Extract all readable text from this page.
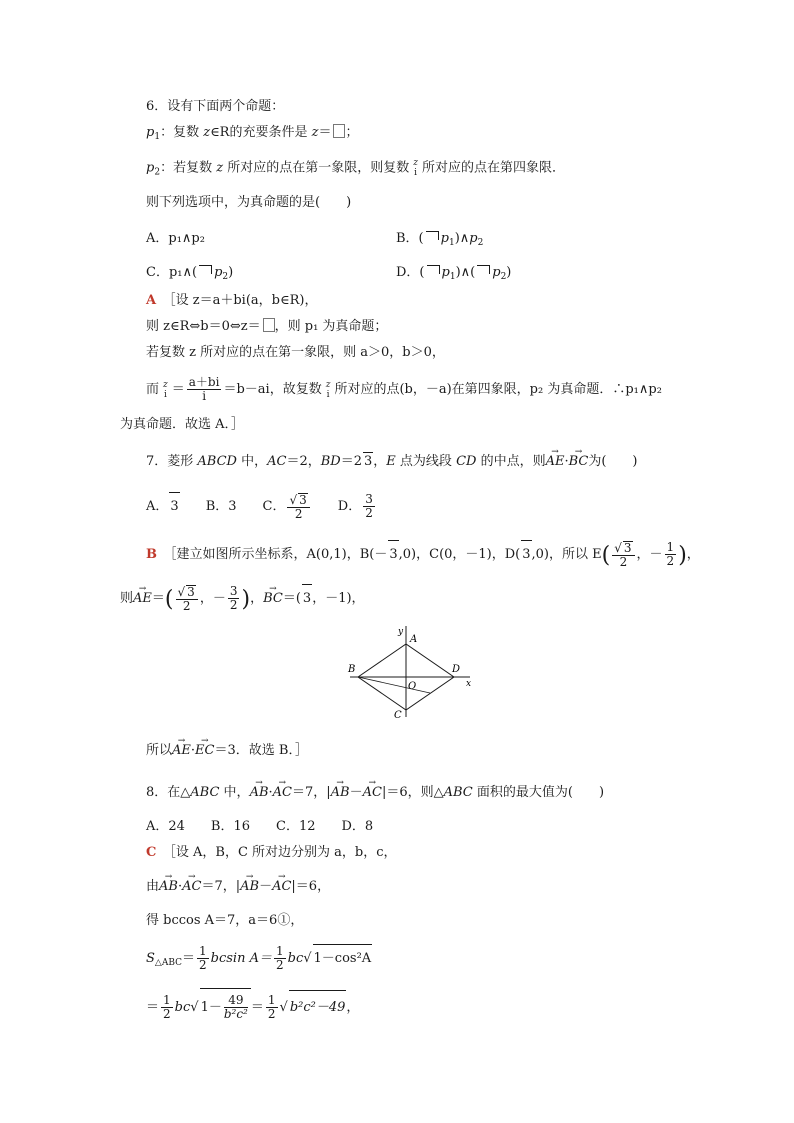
6．设有下面两个命题：
$p_1$：复数 z∈R的充要条件是 z＝ ；
$p_2$：若复数 z 所对应的点在第一象限，则复数 z
i 所对应的点在第四象限．
则下列选项中，为真命题的是(　　)
A．p₁∧p₂	B．( $p_1)\wedge p_2$
C．p₁∧( $p_2$)	D．( $p_1)\wedge$( $p_2$)
A　 ［设 z＝a＋bi(a，b∈R)，
则 z∈R⇔b＝0⇔z＝ ，则 p₁ 为真命题；
若复数 z 所对应的点在第一象限，则 a＞0，b＞0，
而 z
$i = \frac{a+bi}{i} =b-ai$，故复数 z
i 所对应的点(b，－a)在第四象限，p₂ 为真命题．∴p₁∧p₂
为真命题．故选 A．］
7．菱形 ABCD 中，AC＝2，BD＝2 3，E 点为线段 CD 的中点，则→ AE·→ BC为(　　)
A． 3　　 B．3　　 C． $\frac{√ 3}{2}$
　　 D． $\frac{3}{2}$
B　 ［建立如图所示坐标系，A(0,1)，B(－ 3,0)，C(0，－1)，D( 3,0)，所以 $E( \frac{√ 3}{2}$ ，－ $\frac{1}{2}$ )，
则→ $AE=( \frac{√ 3}{2}$ ，－ $\frac{3}{2}$ )，→ BC＝( 3，－1)，
y
x
A
B
C
D
O
所以→ AE·→ EC＝3．故选 B．］
8．在△ABC 中，→ AB·→ AC＝7，|→ AB－→ AC|＝6，则△ABC 面积的最大值为(　　)
A．24　　B．16　　C．12　　D．8
C　 ［设 A，B，C 所对边分别为 a，b，c，
由→ AB·→ AC＝7，|→ AB－→ AC|＝6，
得 bccos A＝7，a＝6①，
$S_{\triangle ABC}= \frac{1}{2}$ bcsin $A= \frac{1}{2} bc√$ 1－cos²A
＝ $\frac{1}{2} bc√$ $1- \frac{49}{\text{b²c²}} = \frac{1}{2}$ √ b²c²－49，
